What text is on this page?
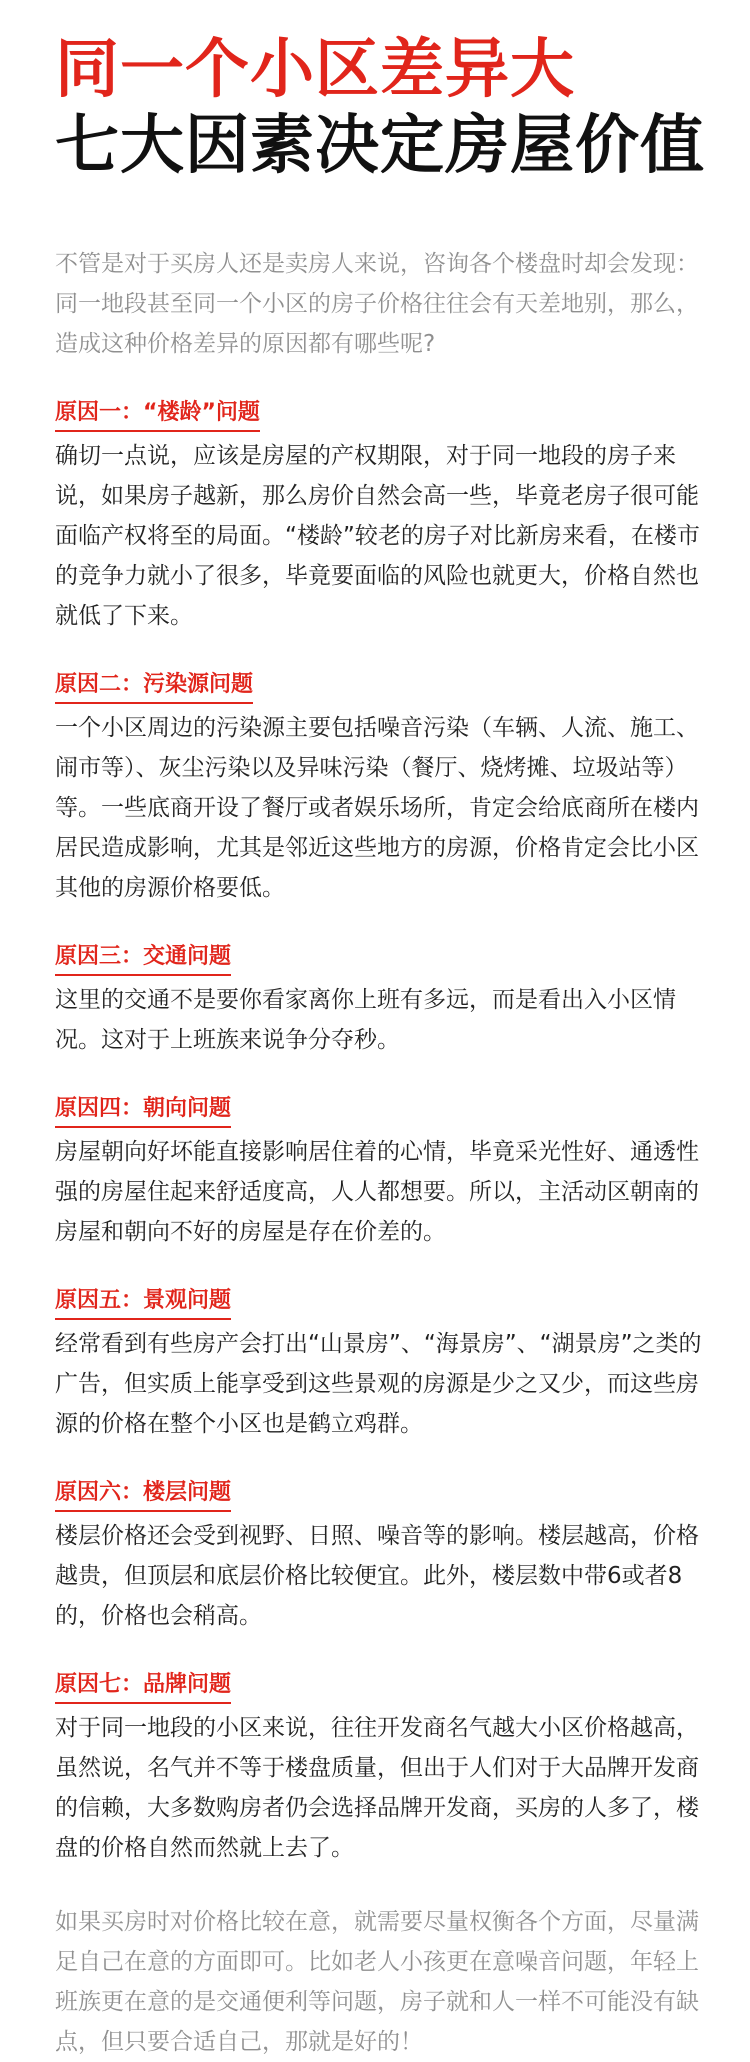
同一个小区差异大
七大因素决定房屋价值

不管是对于买房人还是卖房人来说，咨询各个楼盘时却会发现：同一地段甚至同一个小区的房子价格往往会有天差地别，那么，造成这种价格差异的原因都有哪些呢?

原因一：“楼龄”问题

确切一点说，应该是房屋的产权期限，对于同一地段的房子来说，如果房子越新，那么房价自然会高一些，毕竟老房子很可能面临产权将至的局面。“楼龄”较老的房子对比新房来看，在楼市的竞争力就小了很多，毕竟要面临的风险也就更大，价格自然也就低了下来。

原因二：污染源问题

一个小区周边的污染源主要包括噪音污染（车辆、人流、施工、闹市等）、灰尘污染以及异味污染（餐厅、烧烤摊、垃圾站等）等。一些底商开设了餐厅或者娱乐场所，肯定会给底商所在楼内居民造成影响，尤其是邻近这些地方的房源，价格肯定会比小区其他的房源价格要低。

原因三：交通问题

这里的交通不是要你看家离你上班有多远，而是看出入小区情况。这对于上班族来说争分夺秒。

原因四：朝向问题

房屋朝向好坏能直接影响居住着的心情，毕竟采光性好、通透性强的房屋住起来舒适度高，人人都想要。所以，主活动区朝南的房屋和朝向不好的房屋是存在价差的。

原因五：景观问题

经常看到有些房产会打出“山景房”、“海景房”、“湖景房”之类的广告，但实质上能享受到这些景观的房源是少之又少，而这些房源的价格在整个小区也是鹤立鸡群。

原因六：楼层问题

楼层价格还会受到视野、日照、噪音等的影响。楼层越高，价格越贵，但顶层和底层价格比较便宜。此外，楼层数中带6或者8的，价格也会稍高。

原因七：品牌问题

对于同一地段的小区来说，往往开发商名气越大小区价格越高，虽然说，名气并不等于楼盘质量，但出于人们对于大品牌开发商的信赖，大多数购房者仍会选择品牌开发商，买房的人多了，楼盘的价格自然而然就上去了。

如果买房时对价格比较在意，就需要尽量权衡各个方面，尽量满足自己在意的方面即可。比如老人小孩更在意噪音问题，年轻上班族更在意的是交通便利等问题，房子就和人一样不可能没有缺点，但只要合适自己，那就是好的！
